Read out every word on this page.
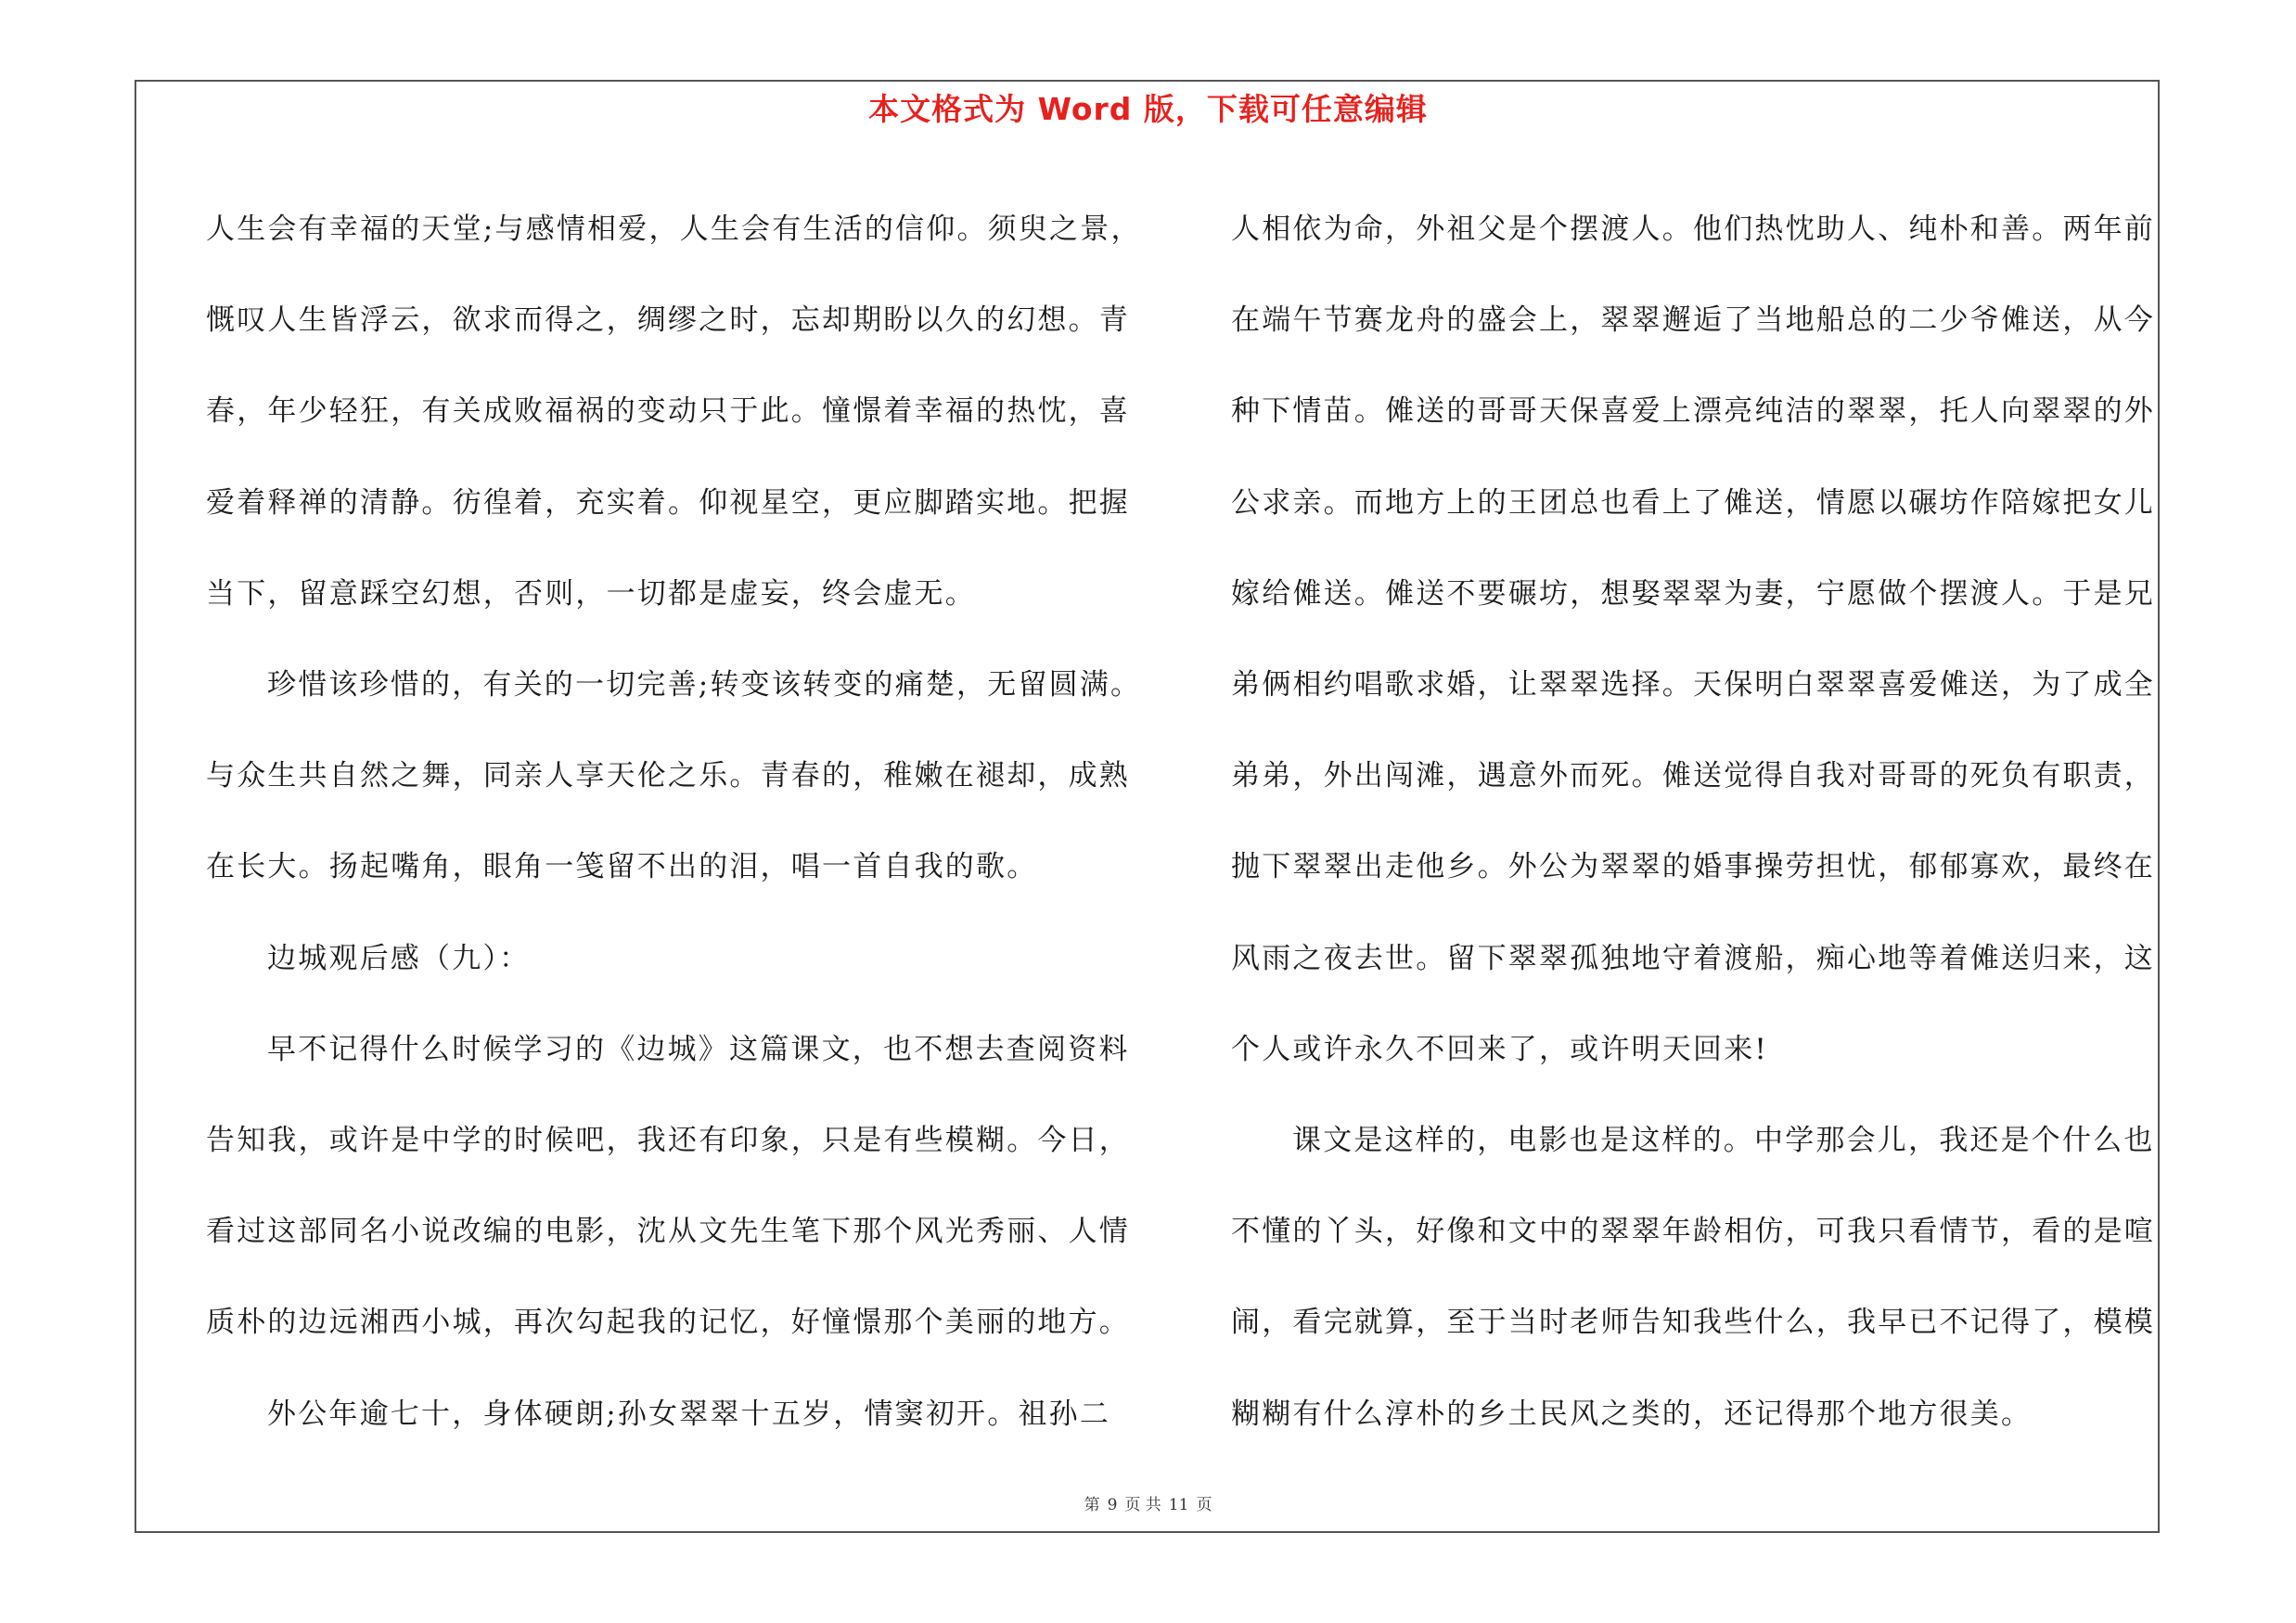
本文格式为 Word 版，下载可任意编辑

人生会有幸福的天堂;与感情相爱，人生会有生活的信仰。须臾之景，

慨叹人生皆浮云，欲求而得之，绸缪之时，忘却期盼以久的幻想。青

春，年少轻狂，有关成败福祸的变动只于此。憧憬着幸福的热忱，喜

爱着释禅的清静。彷徨着，充实着。仰视星空，更应脚踏实地。把握

当下，留意踩空幻想，否则，一切都是虚妄，终会虚无。

珍惜该珍惜的，有关的一切完善;转变该转变的痛楚，无留圆满。

与众生共自然之舞，同亲人享天伦之乐。青春的，稚嫩在褪却，成熟

在长大。扬起嘴角，眼角一笺留不出的泪，唱一首自我的歌。

边城观后感（九）：

早不记得什么时候学习的《边城》这篇课文，也不想去查阅资料

告知我，或许是中学的时候吧，我还有印象，只是有些模糊。今日，

看过这部同名小说改编的电影，沈从文先生笔下那个风光秀丽、人情

质朴的边远湘西小城，再次勾起我的记忆，好憧憬那个美丽的地方。

外公年逾七十，身体硬朗;孙女翠翠十五岁，情窦初开。祖孙二

人相依为命，外祖父是个摆渡人。他们热忱助人、纯朴和善。两年前

在端午节赛龙舟的盛会上，翠翠邂逅了当地船总的二少爷傩送，从今

种下情苗。傩送的哥哥天保喜爱上漂亮纯洁的翠翠，托人向翠翠的外

公求亲。而地方上的王团总也看上了傩送，情愿以碾坊作陪嫁把女儿

嫁给傩送。傩送不要碾坊，想娶翠翠为妻，宁愿做个摆渡人。于是兄

弟俩相约唱歌求婚，让翠翠选择。天保明白翠翠喜爱傩送，为了成全

弟弟，外出闯滩，遇意外而死。傩送觉得自我对哥哥的死负有职责，

抛下翠翠出走他乡。外公为翠翠的婚事操劳担忧，郁郁寡欢，最终在

风雨之夜去世。留下翠翠孤独地守着渡船，痴心地等着傩送归来，这

个人或许永久不回来了，或许明天回来!

课文是这样的，电影也是这样的。中学那会儿，我还是个什么也

不懂的丫头，好像和文中的翠翠年龄相仿，可我只看情节，看的是喧

闹，看完就算，至于当时老师告知我些什么，我早已不记得了，模模

糊糊有什么淳朴的乡土民风之类的，还记得那个地方很美。

第 9 页 共 11 页
